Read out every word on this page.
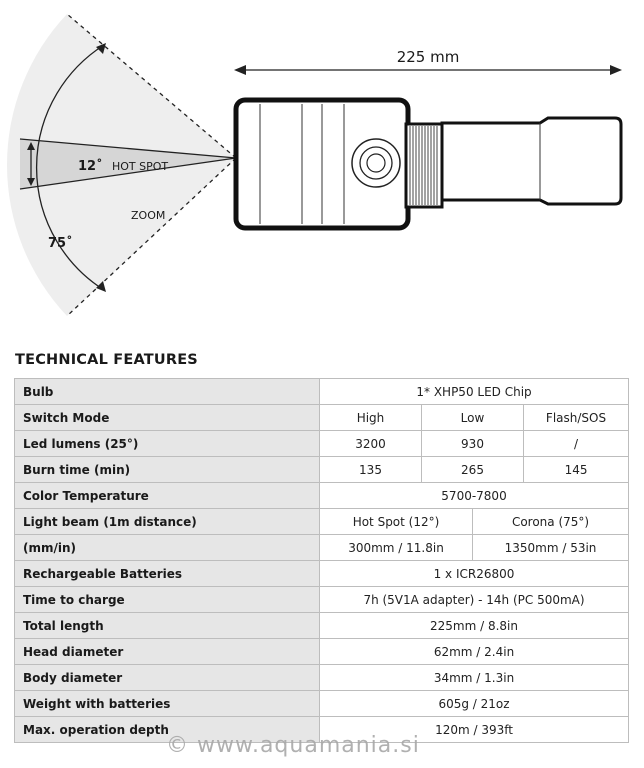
225 mm
12˚ HOT SPOT
ZOOM
75˚
TECHNICAL FEATURES
Bulb	1* XHP50 LED Chip			
Switch Mode	High	Low		Flash/SOS
Led lumens (25°)	3200	930		/
Burn time (min)	135	265		145
Color Temperature	5700-7800			
Light beam (1m distance)	Hot Spot (12°)		Corona (75°)	
(mm/in)	300mm / 11.8in		1350mm / 53in	
Rechargeable Batteries	1 x ICR26800			
Time to charge	7h (5V1A adapter) - 14h (PC 500mA)			
Total length	225mm / 8.8in			
Head diameter	62mm / 2.4in			
Body diameter	34mm / 1.3in			
Weight with batteries	605g / 21oz			
Max. operation depth	120m / 393ft			
© www.aquamania.si
